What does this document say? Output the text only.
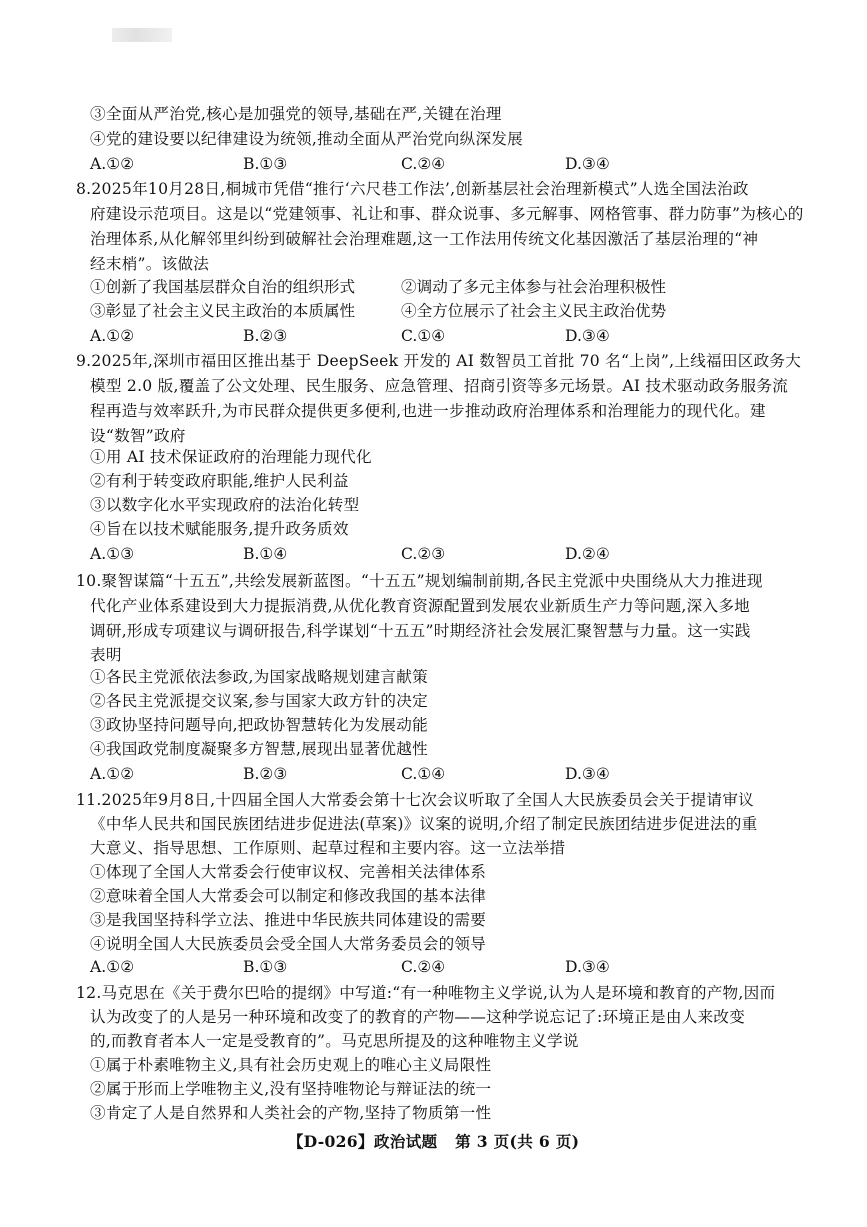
③全面从严治党,核心是加强党的领导,基础在严,关键在治理
④党的建设要以纪律建设为统领,推动全面从严治党向纵深发展
A.①②	B.①③	C.②④	D.③④
8.2025年10月28日,桐城市凭借“推行‘六尺巷工作法’,创新基层社会治理新模式”人选全国法治政
府建设示范项目。这是以“党建领事、礼让和事、群众说事、多元解事、网格管事、群力防事”为核心的
治理体系,从化解邻里纠纷到破解社会治理难题,这一工作法用传统文化基因激活了基层治理的“神
经末梢”。该做法
①创新了我国基层群众自治的组织形式	②调动了多元主体参与社会治理积极性
③彰显了社会主义民主政治的本质属性	④全方位展示了社会主义民主政治优势
A.①②	B.②③	C.①④	D.③④
9.2025年,深圳市福田区推出基于 DeepSeek 开发的 AI 数智员工首批 70 名“上岗”,上线福田区政务大
模型 2.0 版,覆盖了公文处理、民生服务、应急管理、招商引资等多元场景。AI 技术驱动政务服务流
程再造与效率跃升,为市民群众提供更多便利,也进一步推动政府治理体系和治理能力的现代化。建
设“数智”政府
①用 AI 技术保证政府的治理能力现代化
②有利于转变政府职能,维护人民利益
③以数字化水平实现政府的法治化转型
④旨在以技术赋能服务,提升政务质效
A.①③	B.①④	C.②③	D.②④
10.聚智谋篇“十五五”,共绘发展新蓝图。“十五五”规划编制前期,各民主党派中央围绕从大力推进现
代化产业体系建设到大力提振消费,从优化教育资源配置到发展农业新质生产力等问题,深入多地
调研,形成专项建议与调研报告,科学谋划“十五五”时期经济社会发展汇聚智慧与力量。这一实践
表明
①各民主党派依法参政,为国家战略规划建言献策
②各民主党派提交议案,参与国家大政方针的决定
③政协坚持问题导向,把政协智慧转化为发展动能
④我国政党制度凝聚多方智慧,展现出显著优越性
A.①②	B.②③	C.①④	D.③④
11.2025年9月8日,十四届全国人大常委会第十七次会议听取了全国人大民族委员会关于提请审议
《中华人民共和国民族团结进步促进法(草案)》议案的说明,介绍了制定民族团结进步促进法的重
大意义、指导思想、工作原则、起草过程和主要内容。这一立法举措
①体现了全国人大常委会行使审议权、完善相关法律体系
②意味着全国人大常委会可以制定和修改我国的基本法律
③是我国坚持科学立法、推进中华民族共同体建设的需要
④说明全国人大民族委员会受全国人大常务委员会的领导
A.①②	B.①③	C.②④	D.③④
12.马克思在《关于费尔巴哈的提纲》中写道:“有一种唯物主义学说,认为人是环境和教育的产物,因而
认为改变了的人是另一种环境和改变了的教育的产物——这种学说忘记了:环境正是由人来改变
的,而教育者本人一定是受教育的”。马克思所提及的这种唯物主义学说
①属于朴素唯物主义,具有社会历史观上的唯心主义局限性
②属于形而上学唯物主义,没有坚持唯物论与辩证法的统一
③肯定了人是自然界和人类社会的产物,坚持了物质第一性
【D-026】政治试题 第 3 页(共 6 页)
